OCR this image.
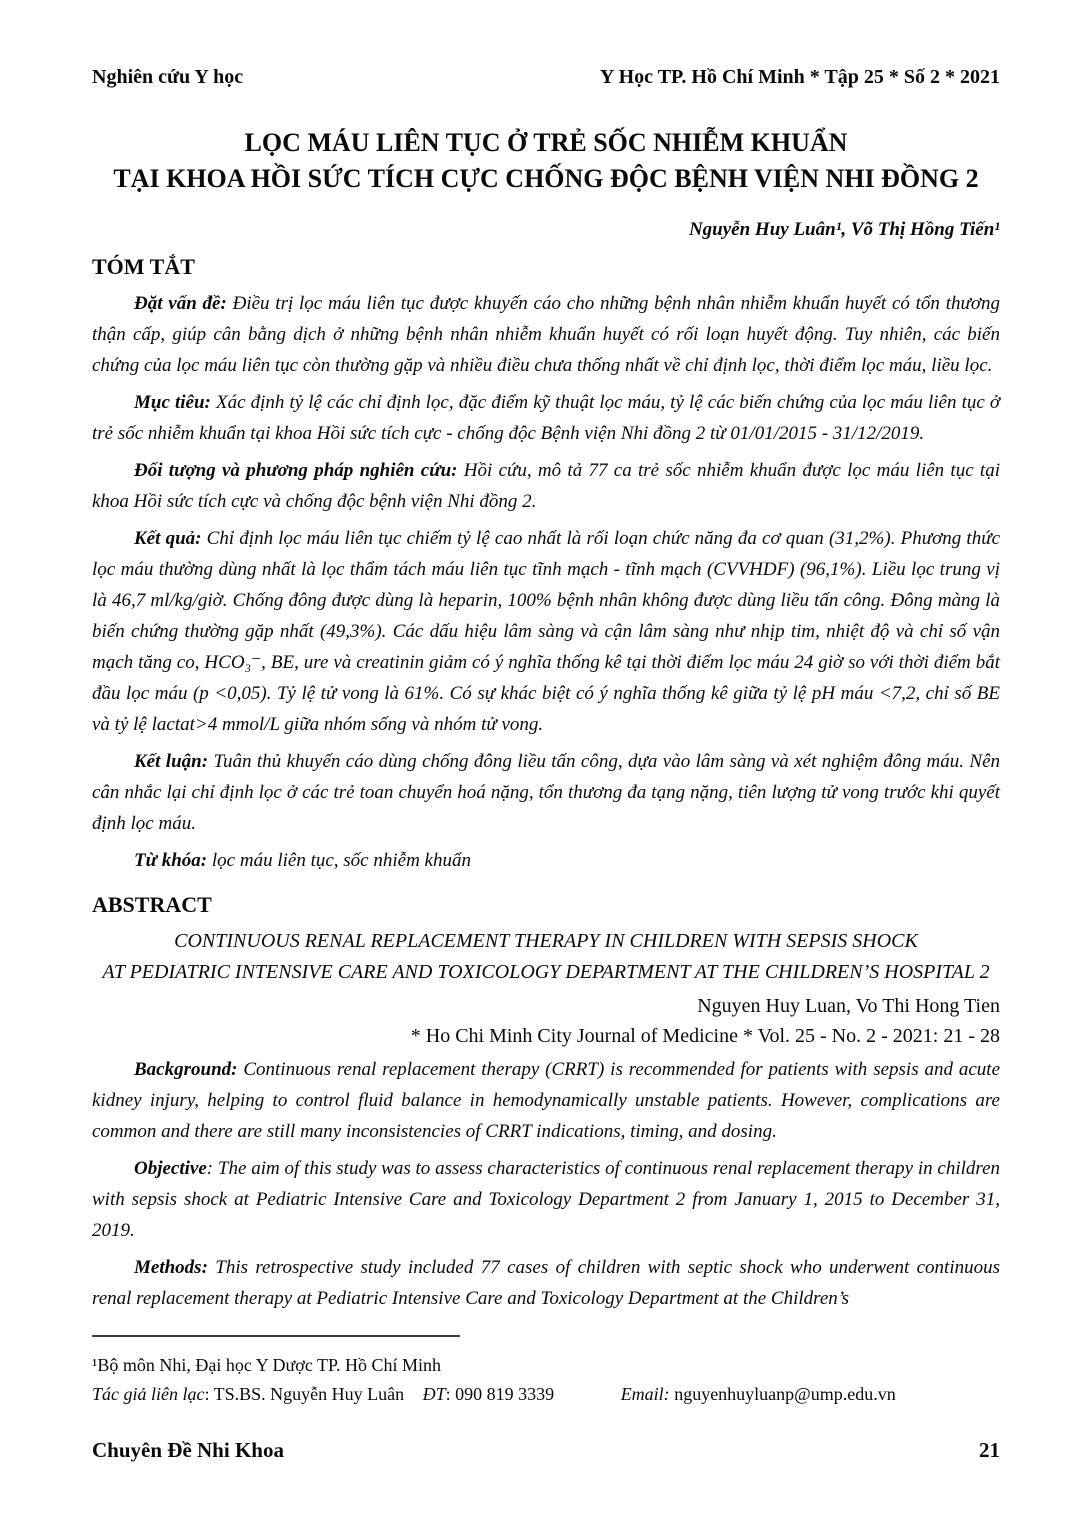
Nghiên cứu Y học	Y Học TP. Hồ Chí Minh * Tập 25 * Số 2 * 2021
LỌC MÁU LIÊN TỤC Ở TRẺ SỐC NHIỄM KHUẨN
TẠI KHOA HỒI SỨC TÍCH CỰC CHỐNG ĐỘC BỆNH VIỆN NHI ĐỒNG 2
Nguyễn Huy Luân¹, Võ Thị Hồng Tiến¹
TÓM TẮT

Đặt vấn đề: Điều trị lọc máu liên tục được khuyến cáo cho những bệnh nhân nhiễm khuẩn huyết có tổn thương thận cấp, giúp cân bằng dịch ở những bệnh nhân nhiễm khuẩn huyết có rối loạn huyết động. Tuy nhiên, các biến chứng của lọc máu liên tục còn thường gặp và nhiều điều chưa thống nhất về chỉ định lọc, thời điểm lọc máu, liều lọc.

Mục tiêu: Xác định tỷ lệ các chỉ định lọc, đặc điểm kỹ thuật lọc máu, tỷ lệ các biến chứng của lọc máu liên tục ở trẻ sốc nhiễm khuẩn tại khoa Hồi sức tích cực - chống độc Bệnh viện Nhi đồng 2 từ 01/01/2015 - 31/12/2019.

Đối tượng và phương pháp nghiên cứu: Hồi cứu, mô tả 77 ca trẻ sốc nhiễm khuẩn được lọc máu liên tục tại khoa Hồi sức tích cực và chống độc bệnh viện Nhi đồng 2.

Kết quả: Chỉ định lọc máu liên tục chiếm tỷ lệ cao nhất là rối loạn chức năng đa cơ quan (31,2%). Phương thức lọc máu thường dùng nhất là lọc thẩm tách máu liên tục tĩnh mạch - tĩnh mạch (CVVHDF) (96,1%). Liều lọc trung vị là 46,7 ml/kg/giờ. Chống đông được dùng là heparin, 100% bệnh nhân không được dùng liều tấn công. Đông màng là biến chứng thường gặp nhất (49,3%). Các dấu hiệu lâm sàng và cận lâm sàng như nhịp tim, nhiệt độ và chỉ số vận mạch tăng co, HCO₃⁻, BE, ure và creatinin giảm có ý nghĩa thống kê tại thời điểm lọc máu 24 giờ so với thời điểm bắt đầu lọc máu (p <0,05). Tỷ lệ tử vong là 61%. Có sự khác biệt có ý nghĩa thống kê giữa tỷ lệ pH máu <7,2, chỉ số BE và tỷ lệ lactat>4 mmol/L giữa nhóm sống và nhóm tử vong.

Kết luận: Tuân thủ khuyến cáo dùng chống đông liều tấn công, dựa vào lâm sàng và xét nghiệm đông máu. Nên cân nhắc lại chỉ định lọc ở các trẻ toan chuyển hoá nặng, tổn thương đa tạng nặng, tiên lượng tử vong trước khi quyết định lọc máu.

Từ khóa: lọc máu liên tục, sốc nhiễm khuẩn

ABSTRACT
CONTINUOUS RENAL REPLACEMENT THERAPY IN CHILDREN WITH SEPSIS SHOCK
AT PEDIATRIC INTENSIVE CARE AND TOXICOLOGY DEPARTMENT AT THE CHILDREN’S HOSPITAL 2
Nguyen Huy Luan, Vo Thi Hong Tien
* Ho Chi Minh City Journal of Medicine * Vol. 25 - No. 2 - 2021: 21 - 28

Background: Continuous renal replacement therapy (CRRT) is recommended for patients with sepsis and acute kidney injury, helping to control fluid balance in hemodynamically unstable patients. However, complications are common and there are still many inconsistencies of CRRT indications, timing, and dosing.

Objective: The aim of this study was to assess characteristics of continuous renal replacement therapy in children with sepsis shock at Pediatric Intensive Care and Toxicology Department 2 from January 1, 2015 to December 31, 2019.

Methods: This retrospective study included 77 cases of children with septic shock who underwent continuous renal replacement therapy at Pediatric Intensive Care and Toxicology Department at the Children’s

¹Bộ môn Nhi, Đại học Y Dược TP. Hồ Chí Minh
Tác giả liên lạc: TS.BS. Nguyễn Huy Luân ĐT: 090 819 3339	Email: nguyenhuyluanp@ump.edu.vn
Chuyên Đề Nhi Khoa	21
